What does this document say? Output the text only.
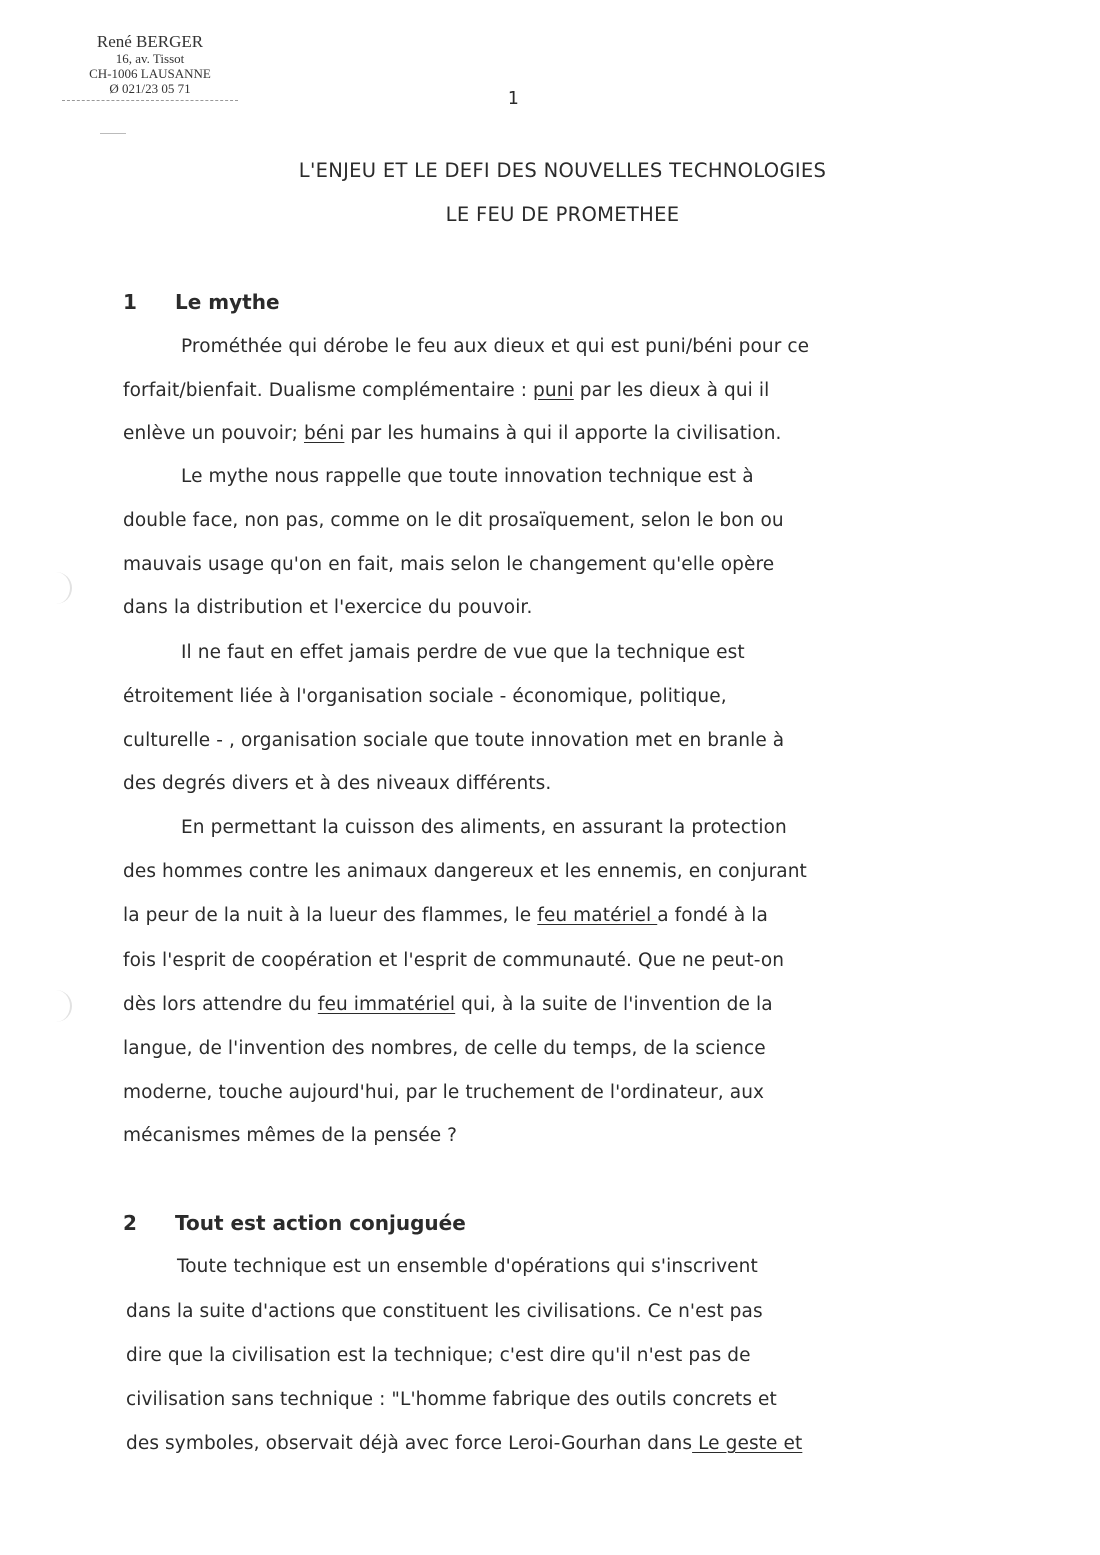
René BERGER
16, av. Tissot
CH-1006 LAUSANNE
Ø 021/23 05 71	1
L'ENJEU ET LE DEFI DES NOUVELLES TECHNOLOGIES
LE FEU DE PROMETHEE
1 Le mythe
Prométhée qui dérobe le feu aux dieux et qui est puni/béni pour ce
forfait/bienfait. Dualisme complémentaire : puni par les dieux à qui il
enlève un pouvoir; béni par les humains à qui il apporte la civilisation.
Le mythe nous rappelle que toute innovation technique est à
double face, non pas, comme on le dit prosaïquement, selon le bon ou
mauvais usage qu'on en fait, mais selon le changement qu'elle opère
dans la distribution et l'exercice du pouvoir.
Il ne faut en effet jamais perdre de vue que la technique est
étroitement liée à l'organisation sociale - économique, politique,
culturelle - , organisation sociale que toute innovation met en branle à
des degrés divers et à des niveaux différents.
En permettant la cuisson des aliments, en assurant la protection
des hommes contre les animaux dangereux et les ennemis, en conjurant
la peur de la nuit à la lueur des flammes, le feu matériel a fondé à la
fois l'esprit de coopération et l'esprit de communauté. Que ne peut-on
dès lors attendre du feu immatériel qui, à la suite de l'invention de la
langue, de l'invention des nombres, de celle du temps, de la science
moderne, touche aujourd'hui, par le truchement de l'ordinateur, aux
mécanismes mêmes de la pensée ?
2 Tout est action conjuguée
Toute technique est un ensemble d'opérations qui s'inscrivent
dans la suite d'actions que constituent les civilisations. Ce n'est pas
dire que la civilisation est la technique; c'est dire qu'il n'est pas de
civilisation sans technique : "L'homme fabrique des outils concrets et
des symboles, observait déjà avec force Leroi-Gourhan dans Le geste et
